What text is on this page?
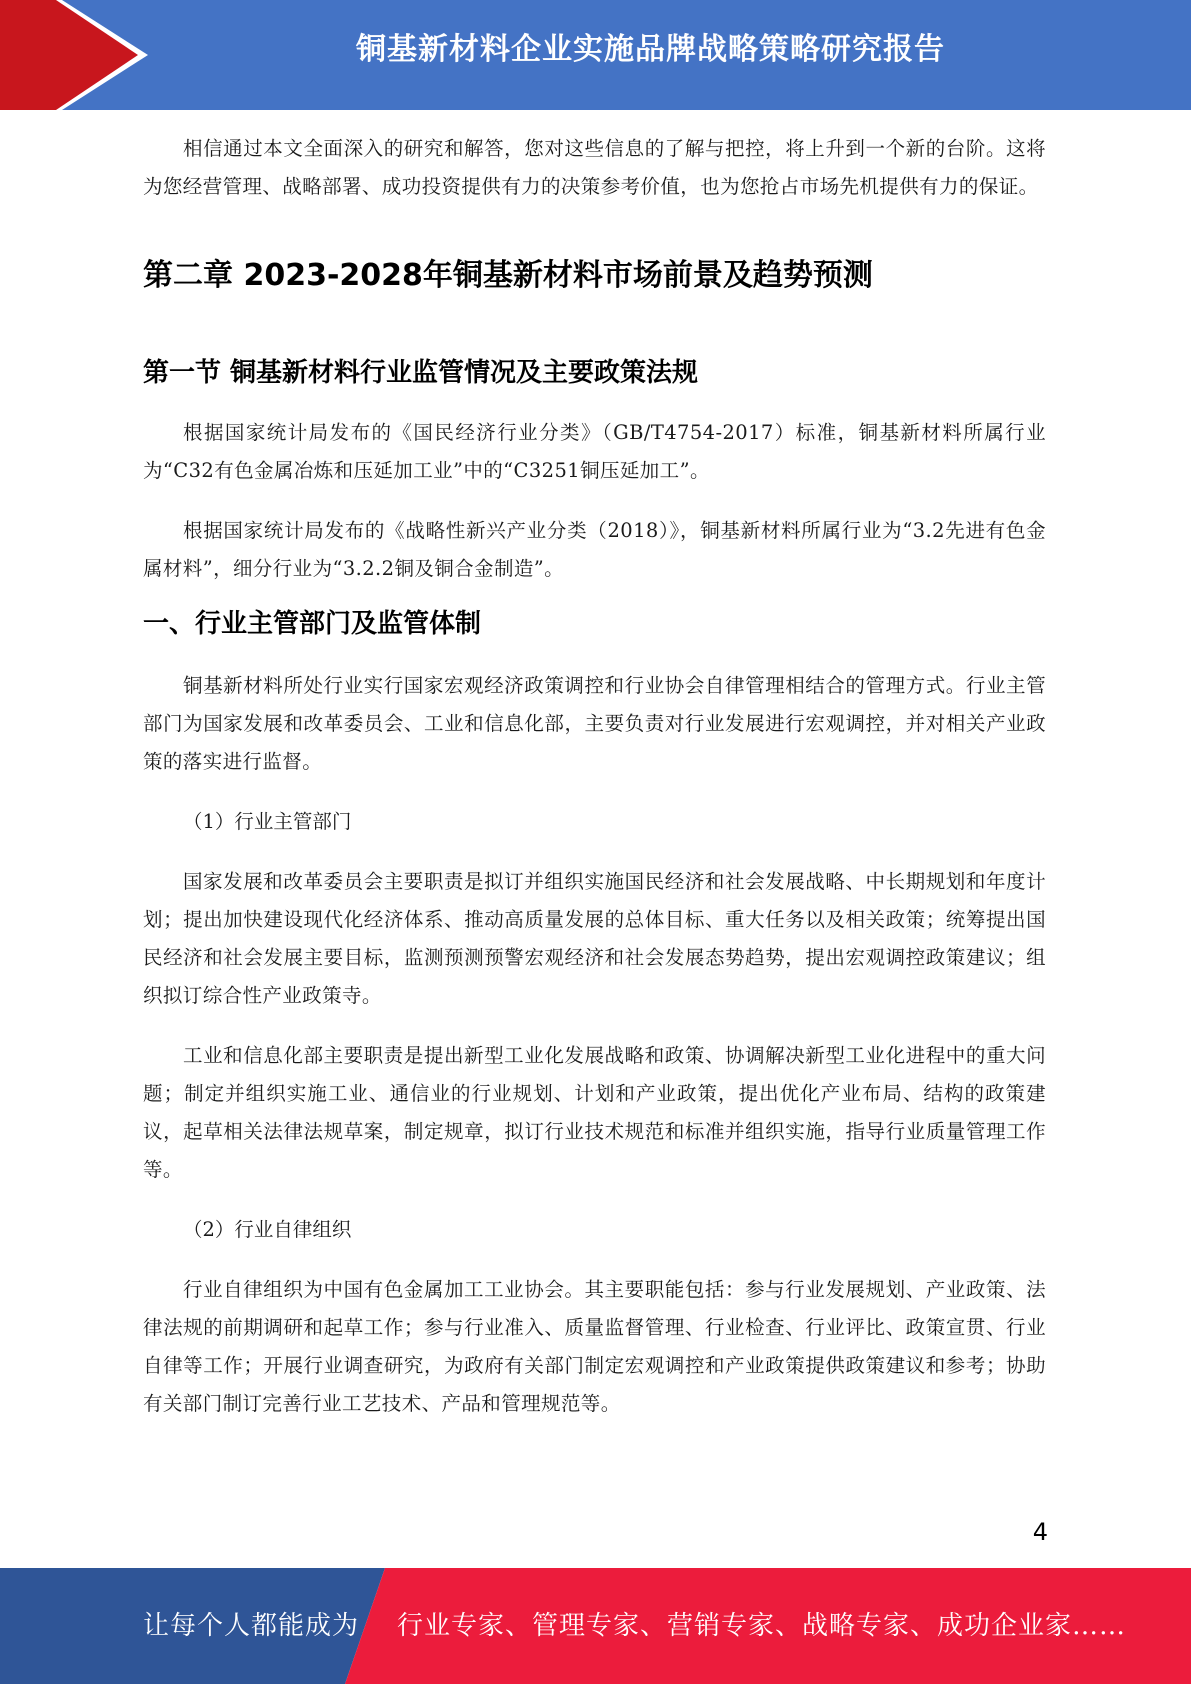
铜基新材料企业实施品牌战略策略研究报告

相信通过本文全面深入的研究和解答，您对这些信息的了解与把控，将上升到一个新的台阶。这将为您经营管理、战略部署、成功投资提供有力的决策参考价值，也为您抢占市场先机提供有力的保证。

第二章 2023-2028年铜基新材料市场前景及趋势预测
第一节 铜基新材料行业监管情况及主要政策法规

根据国家统计局发布的《国民经济行业分类》（GB/T4754-2017）标准，铜基新材料所属行业为“C32有色金属冶炼和压延加工业”中的“C3251铜压延加工”。

根据国家统计局发布的《战略性新兴产业分类（2018）》，铜基新材料所属行业为“3.2先进有色金属材料”，细分行业为“3.2.2铜及铜合金制造”。

一、行业主管部门及监管体制

铜基新材料所处行业实行国家宏观经济政策调控和行业协会自律管理相结合的管理方式。行业主管部门为国家发展和改革委员会、工业和信息化部，主要负责对行业发展进行宏观调控，并对相关产业政策的落实进行监督。

（1）行业主管部门

国家发展和改革委员会主要职责是拟订并组织实施国民经济和社会发展战略、中长期规划和年度计划；提出加快建设现代化经济体系、推动高质量发展的总体目标、重大任务以及相关政策；统筹提出国民经济和社会发展主要目标，监测预测预警宏观经济和社会发展态势趋势，提出宏观调控政策建议；组织拟订综合性产业政策寺。

工业和信息化部主要职责是提出新型工业化发展战略和政策、协调解决新型工业化进程中的重大问题；制定并组织实施工业、通信业的行业规划、计划和产业政策，提出优化产业布局、结构的政策建议，起草相关法律法规草案，制定规章，拟订行业技术规范和标准并组织实施，指导行业质量管理工作等。

（2）行业自律组织

行业自律组织为中国有色金属加工工业协会。其主要职能包括：参与行业发展规划、产业政策、法律法规的前期调研和起草工作；参与行业准入、质量监督管理、行业检查、行业评比、政策宣贯、行业自律等工作；开展行业调查研究，为政府有关部门制定宏观调控和产业政策提供政策建议和参考；协助有关部门制订完善行业工艺技术、产品和管理规范等。

4
让每个人都能成为 行业专家、管理专家、营销专家、战略专家、成功企业家……
